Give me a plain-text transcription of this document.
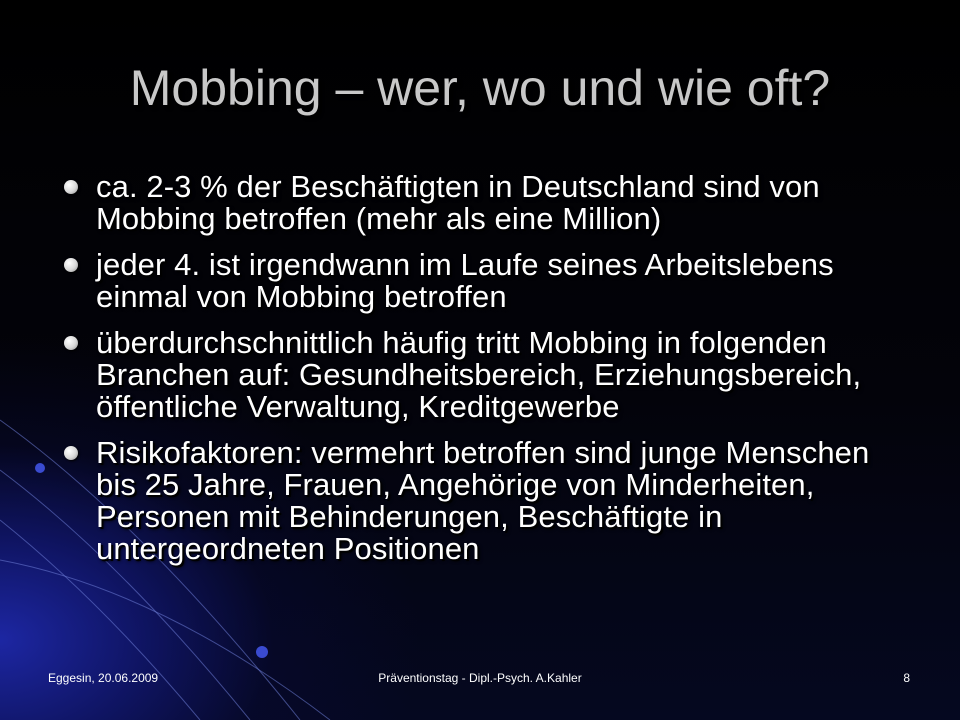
Mobbing – wer, wo und wie oft?
ca. 2-3 % der Beschäftigten in Deutschland sind von Mobbing betroffen (mehr als eine Million)
jeder 4. ist irgendwann im Laufe seines Arbeitslebens einmal von Mobbing betroffen
überdurchschnittlich häufig tritt Mobbing in folgenden Branchen auf: Gesundheitsbereich, Erziehungsbereich, öffentliche Verwaltung, Kreditgewerbe
Risikofaktoren: vermehrt betroffen sind junge Menschen bis 25 Jahre, Frauen, Angehörige von Minderheiten, Personen mit Behinderungen, Beschäftigte in untergeordneten Positionen
Eggesin, 20.06.2009	Präventionstag - Dipl.-Psych. A.Kahler	8
